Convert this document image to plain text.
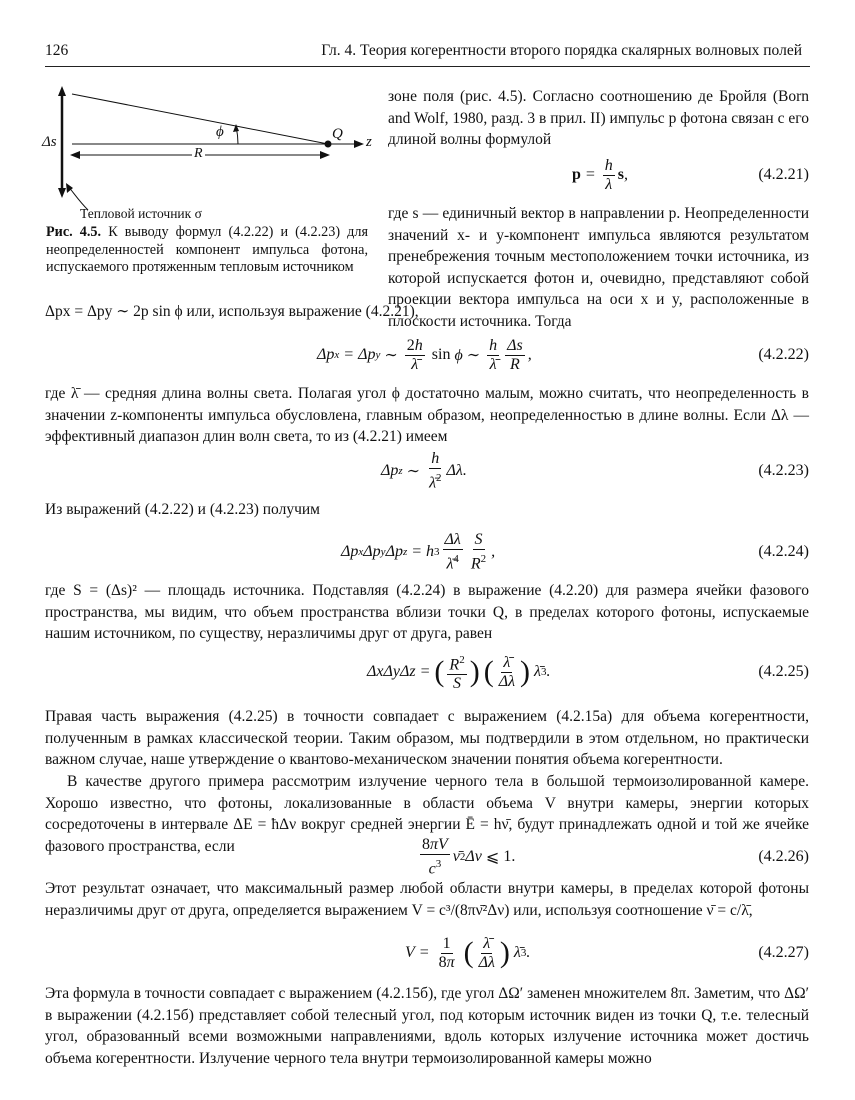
126	Гл. 4. Теория когерентности второго порядка скалярных волновых полей
Δs
ϕ	Q z
R
Тепловой источник σ
Рис. 4.5. К выводу формул (4.2.22) и (4.2.23) для неопределенностей компонент импульса фотона, испускаемого протяженным тепловым источником
зоне поля (рис. 4.5). Согласно соотношению де Бройля (Born and Wolf, 1980, разд. 3 в прил. II) импульс p фотона связан с его длиной волны формулой
$p = \frac{h}{\lambda}$ s ,	(4.2.21)
где s — единичный вектор в направлении p. Неопределенности значений x- и y-компонент импульса являются результатом пренебрежения точным местоположением точки источника, из которой испускается фотон и, очевидно, представляют собой проекции вектора импульса на оси x и y, расположенные в плоскости источника. Тогда
Δpx = Δpy ∼ 2p sin ϕ или, используя выражение (4.2.21),
Δp x = Δp y ∼ $\frac{2h}{\lambdā}$ sin ϕ ∼ $\frac{h}{\lambdā} \frac{\Delta s}{R}$ ,	(4.2.22)
где λ̄ — средняя длина волны света. Полагая угол ϕ достаточно малым, можно считать, что неопределенность в значении z-компоненты импульса обусловлена, главным образом, неопределенностью в длине волны. Если Δλ — эффективный диапазон длин волн света, то из (4.2.21) имеем
Δp z ∼ $\frac{h}{\lambdā^2} \Delta\lambda$.	(4.2.23)
Из выражений (4.2.22) и (4.2.23) получим
Δp x Δp y Δp z = h $3 \frac{\Delta\lambda}{\lambdā^4} \frac{S}{R^2}$ ,	(4.2.24)
где S = (Δs)² — площадь источника. Подставляя (4.2.24) в выражение (4.2.20) для размера ячейки фазового пространства, мы видим, что объем пространства вблизи точки Q, в пределах которого фотоны, испускаемые нашим источником, по существу, неразличимы друг от друга, равен
ΔxΔyΔz = ( $\frac{R^2}{S}$ )
( $\frac{\lambdā}{\Delta\lambda}$ ) λ̄ 3 .	(4.2.25)
Правая часть выражения (4.2.25) в точности совпадает с выражением (4.2.15а) для объема когерентности, полученным в рамках классической теории. Таким образом, мы подтвердили в этом отдельном, но практически важном случае, наше утверждение о квантово-механическом значении понятия объема когерентности.
В качестве другого примера рассмотрим излучение черного тела в большой термоизолированной камере. Хорошо известно, что фотоны, локализованные в области объема V внутри камеры, энергии которых сосредоточены в интервале ΔE = ħΔν вокруг средней энергии Ē = hν̄, будут принадлежать одной и той же ячейке фазового пространства, если	$\frac{8\pi V}{c^3}$ ν̄ 2 Δν ⩽
1.	(4.2.26)
Этот результат означает, что максимальный размер любой области внутри камеры, в пределах которой фотоны неразличимы друг от друга, определяется выражением V = c³/(8πν̄²Δν) или, используя соотношение ν̄ = c/λ̄,
$V = \frac{1}{8\pi}$
( $\frac{\lambdā}{\Delta\lambda}$ ) λ̄ 3 .	(4.2.27)
Эта формула в точности совпадает с выражением (4.2.15б), где угол ΔΩ′ заменен множителем 8π. Заметим, что ΔΩ′ в выражении (4.2.15б) представляет собой телесный угол, под которым источник виден из точки Q, т.е. телесный угол, образованный всеми возможными направлениями, вдоль которых излучение источника может достичь объема когерентности. Излучение черного тела внутри термоизолированной камеры можно
